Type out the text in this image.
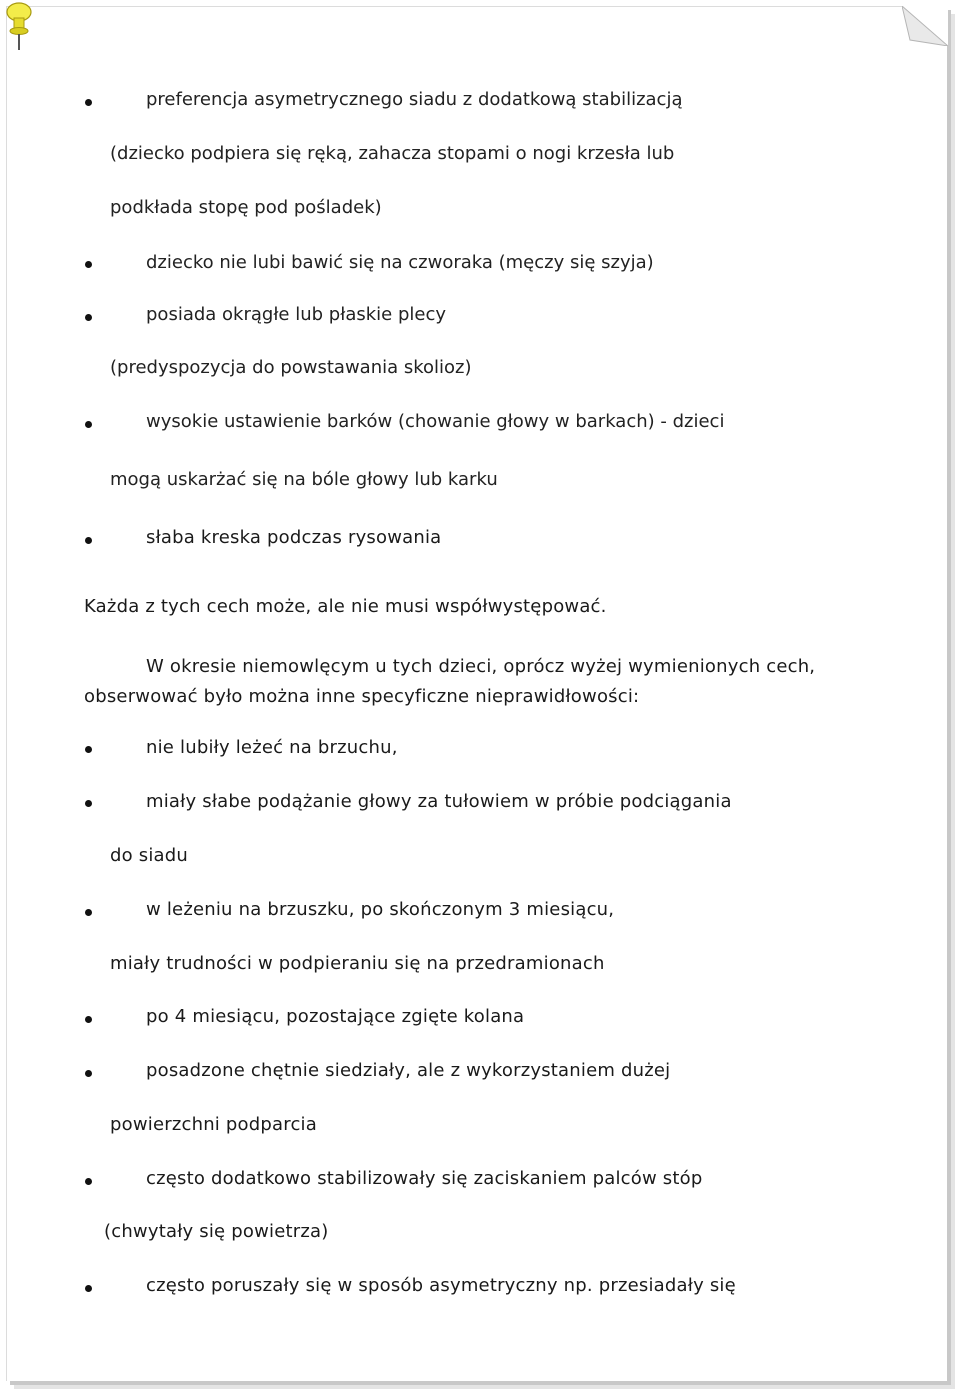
preferencja asymetrycznego siadu z dodatkową stabilizacją
(dziecko podpiera się ręką, zahacza stopami o nogi krzesła lub
podkłada stopę pod pośladek)
dziecko nie lubi bawić się na czworaka (męczy się szyja)
posiada okrągłe lub płaskie plecy
(predyspozycja do powstawania skolioz)
wysokie ustawienie barków (chowanie głowy w barkach) - dzieci
mogą uskarżać się na bóle głowy lub karku
słaba kreska podczas rysowania
Każda z tych cech może, ale nie musi współwystępować.
W okresie niemowlęcym u tych dzieci, oprócz wyżej wymienionych cech,
obserwować było można inne specyficzne nieprawidłowości:
nie lubiły leżeć na brzuchu,
miały słabe podążanie głowy za tułowiem w próbie podciągania
do siadu
w leżeniu na brzuszku, po skończonym 3 miesiącu,
miały trudności w podpieraniu się na przedramionach
po 4 miesiącu, pozostające zgięte kolana
posadzone chętnie siedziały, ale z wykorzystaniem dużej
powierzchni podparcia
często dodatkowo stabilizowały się zaciskaniem palców stóp
(chwytały się powietrza)
często poruszały się w sposób asymetryczny np. przesiadały się
